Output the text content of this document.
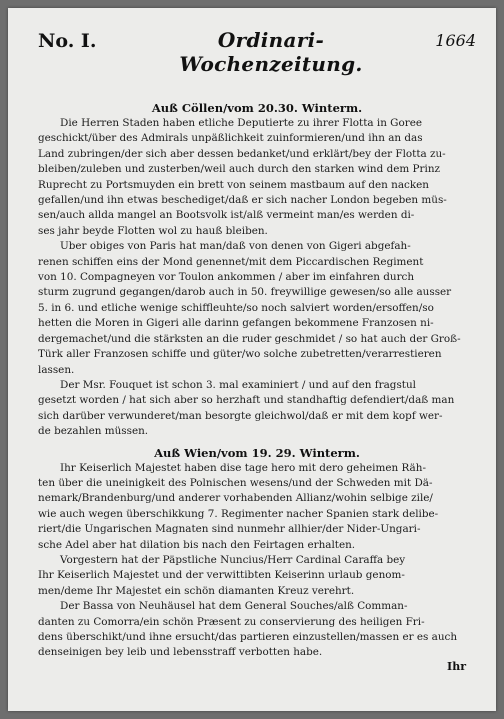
No. I.	Ordinari-Wochenzeitung.
1664
Auß Cöllen/vom 20.30. Winterm.

Die Herren Staden haben etliche Deputierte zu ihrer Flotta in Goree
geschickt/über des Admirals unpäßlichkeit zuinformieren/und ihn an das
Land zubringen/der sich aber dessen bedanket/und erklärt/bey der Flotta zu-
bleiben/zuleben und zusterben/weil auch durch den starken wind dem Prinz
Ruprecht zu Portsmuyden ein brett von seinem mastbaum auf den nacken
gefallen/und ihn etwas beschediget/daß er sich nacher London begeben müs-
sen/auch allda mangel an Bootsvolk ist/alß vermeint man/es werden di-
ses jahr beyde Flotten wol zu hauß bleiben.

Uber obiges von Paris hat man/daß von denen von Gigeri abgefah-
renen schiffen eins der Mond genennet/mit dem Piccardischen Regiment
von 10. Compagneyen vor Toulon ankommen / aber im einfahren durch
sturm zugrund gegangen/darob auch in 50. freywillige gewesen/so alle ausser
5. in 6. und etliche wenige schiffleuhte/so noch salviert worden/ersoffen/so
hetten die Moren in Gigeri alle darinn gefangen bekommene Franzosen ni-
dergemachet/und die stärksten an die ruder geschmidet / so hat auch der Groß-
Türk aller Franzosen schiffe und güter/wo solche zubetretten/verarrestieren
lassen.

Der Msr. Fouquet ist schon 3. mal examiniert / und auf den fragstul
gesetzt worden / hat sich aber so herzhaft und standhaftig defendiert/daß man
sich darüber verwunderet/man besorgte gleichwol/daß er mit dem kopf wer-
de bezahlen müssen.

Auß Wien/vom 19. 29. Winterm.

Ihr Keiserlich Majestet haben dise tage hero mit dero geheimen Räh-
ten über die uneinigkeit des Polnischen wesens/und der Schweden mit Dä-
nemark/Brandenburg/und anderer vorhabenden Allianz/wohin selbige zile/
wie auch wegen überschikkung 7. Regimenter nacher Spanien stark delibe-
riert/die Ungarischen Magnaten sind nunmehr allhier/der Nider-Ungari-
sche Adel aber hat dilation bis nach den Feirtagen erhalten.

Vorgestern hat der Päpstliche Nuncius/Herr Cardinal Caraffa bey
Ihr Keiserlich Majestet und der verwittibten Keiserinn urlaub genom-
men/deme Ihr Majestet ein schön diamanten Kreuz verehrt.

Der Bassa von Neuhäusel hat dem General Souches/alß Comman-
danten zu Comorra/ein schön Præsent zu conservierung des heiligen Fri-
dens überschikt/und ihne ersucht/das partieren einzustellen/massen er es auch
denseinigen bey leib und lebensstraff verbotten habe.

Ihr
